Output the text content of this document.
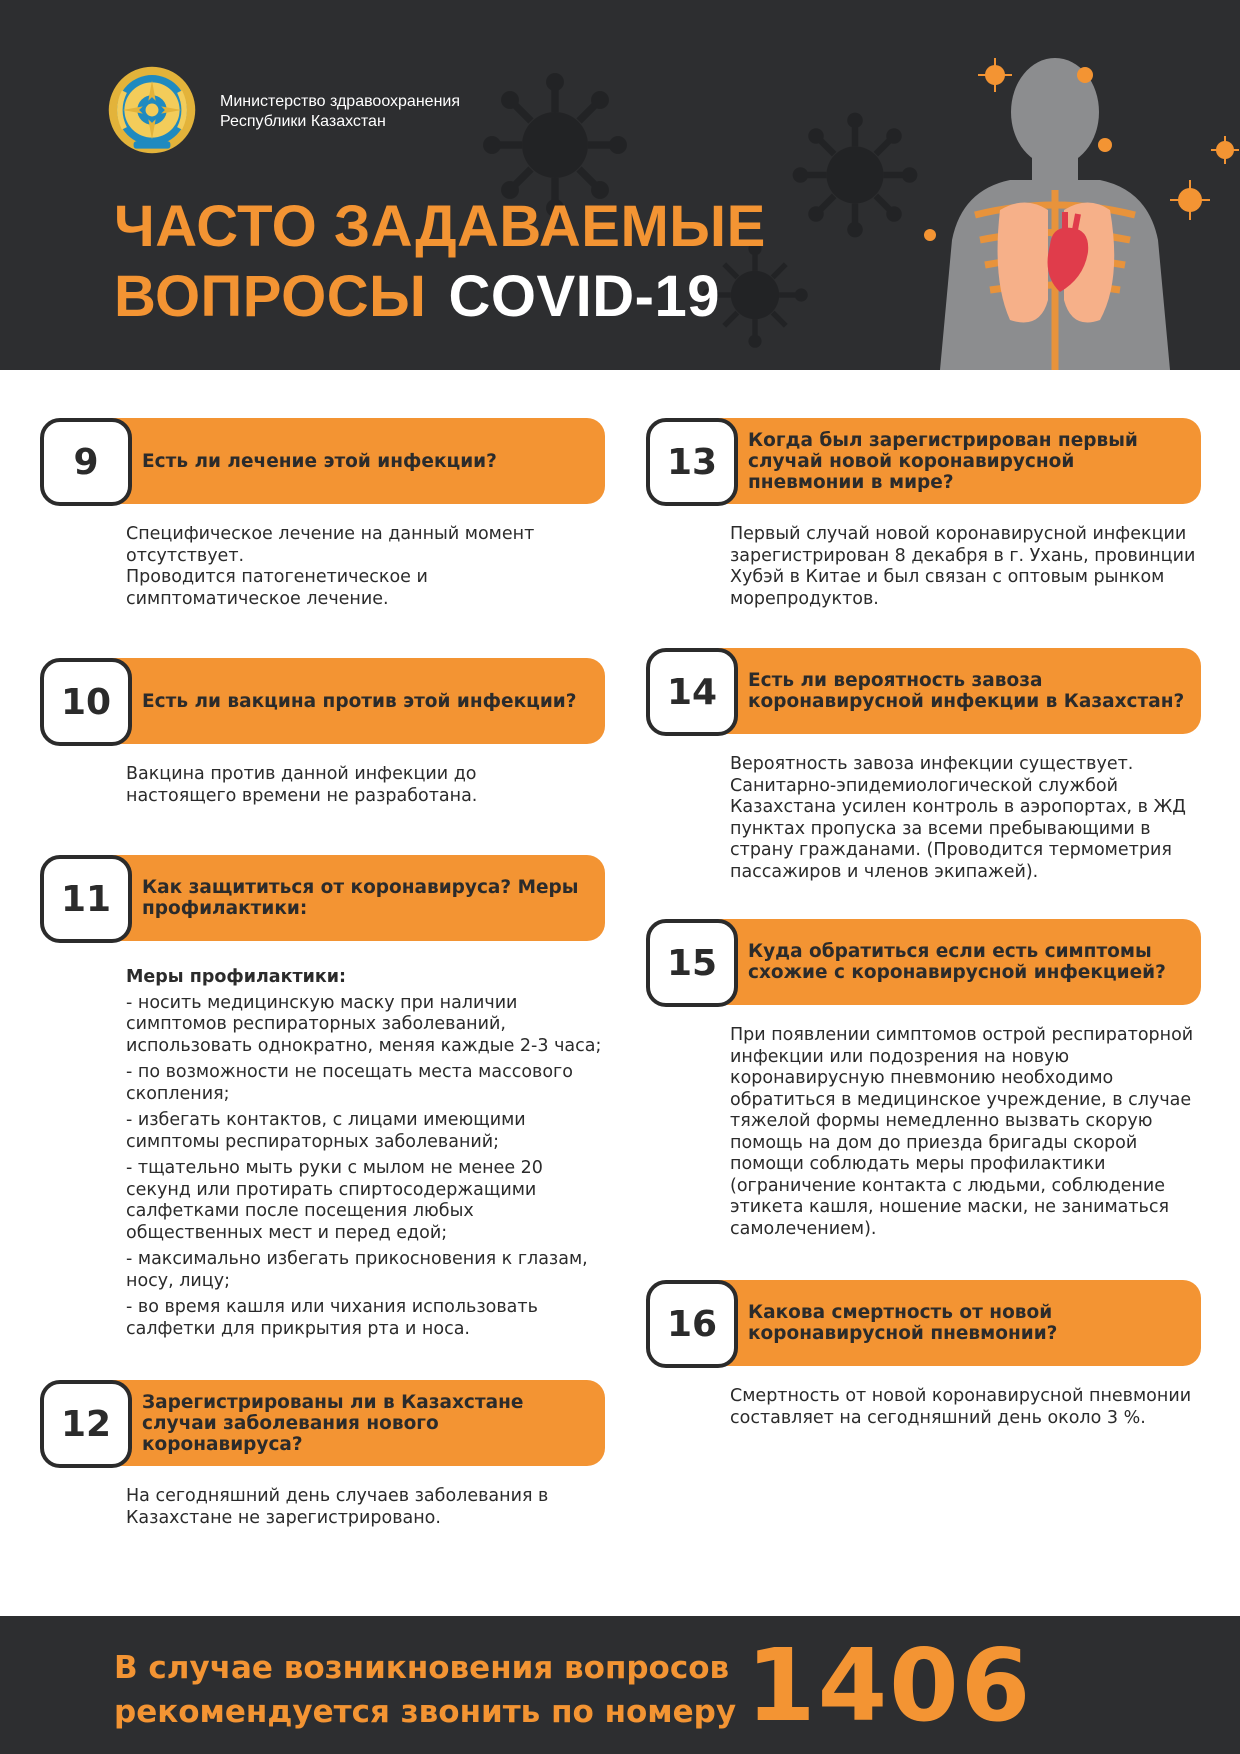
Министерство здравоохранения
Республики Казахстан
ЧАСТО ЗАДАВАЕМЫЕ
ВОПРОСЫ COVID-19
9	Есть ли лечение этой инфекции?
Специфическое лечение на данный момент
отсутствует.
Проводится патогенетическое и
симптоматическое лечение.
10	Есть ли вакцина против этой инфекции?
Вакцина против данной инфекции до
настоящего времени не разработана.
11	Как защититься от коронавируса? Меры профилактики:
Меры профилактики:
- носить медицинскую маску при наличии симптомов респираторных заболеваний, использовать однократно, меняя каждые 2-3 часа;
- по возможности не посещать места массового скопления;
- избегать контактов, с лицами имеющими симптомы респираторных заболеваний;
- тщательно мыть руки с мылом не менее 20 секунд или протирать спиртосодержащими салфетками после посещения любых общественных мест и перед едой;
- максимально избегать прикосновения к глазам, носу, лицу;
- во время кашля или чихания использовать салфетки для прикрытия рта и носа.
12
Зарегистрированы ли в Казахстане случаи заболевания нового коронавируса?
На сегодняшний день случаев заболевания в
Казахстане не зарегистрировано.
13
Когда был зарегистрирован первый случай новой коронавирусной пневмонии в мире?
Первый случай новой коронавирусной инфекции зарегистрирован 8 декабря в г. Ухань, провинции Хубэй в Китае и был связан с оптовым рынком морепродуктов.
14	Есть ли вероятность завоза коронавирусной инфекции в Казахстан?
Вероятность завоза инфекции существует. Санитарно-эпидемиологической службой Казахстана усилен контроль в аэропортах, в ЖД пунктах пропуска за всеми пребывающими в страну гражданами. (Проводится термометрия пассажиров и членов экипажей).
15	Куда обратиться если есть симптомы схожие с коронавирусной инфекцией?
При появлении симптомов острой респираторной инфекции или подозрения на новую коронавирусную пневмонию необходимо обратиться в медицинское учреждение, в случае тяжелой формы немедленно вызвать скорую помощь на дом до приезда бригады скорой помощи соблюдать меры профилактики (ограничение контакта с людьми, соблюдение этикета кашля, ношение маски, не заниматься самолечением).
16	Какова смертность от новой коронавирусной пневмонии?
Смертность от новой коронавирусной пневмонии составляет на сегодняшний день около 3 %.
В случае возникновения вопросов
рекомендуется звонить по номеру 1406
